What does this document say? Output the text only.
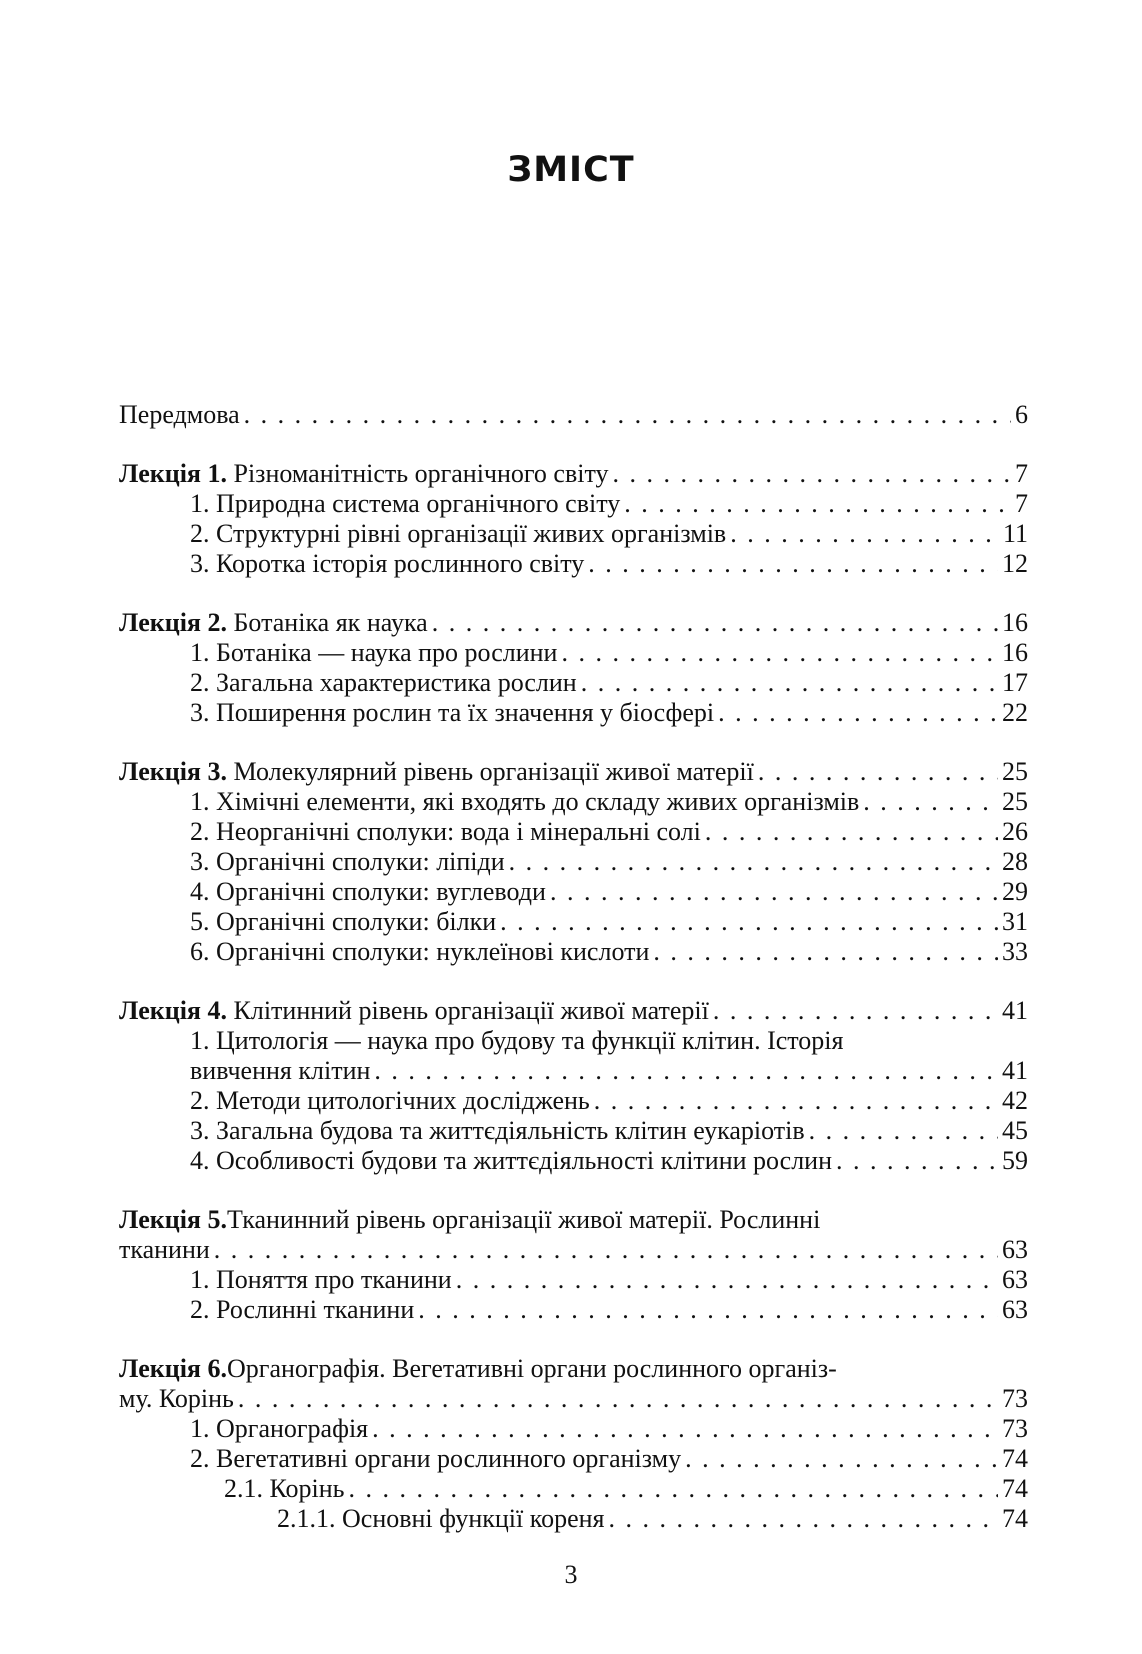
ЗМІСТ
Передмова . . .	6
Лекція 1. Різноманітність органічного світу . . .	7
1. Природна система органічного світу . . .	7
2. Структурні рівні організації живих організмів . . .	11
3. Коротка історія рослинного світу . . .	12
Лекція 2. Ботаніка як наука . . .	16
1. Ботаніка — наука про рослини . . .	16
2. Загальна характеристика рослин . . .	17
3. Поширення рослин та їх значення у біосфері . . .	22
Лекція 3. Молекулярний рівень організації живої матерії . . .	25
1. Хімічні елементи, які входять до складу живих організмів . . .	25
2. Неорганічні сполуки: вода і мінеральні солі . . .	26
3. Органічні сполуки: ліпіди . . .	28
4. Органічні сполуки: вуглеводи . . .	29
5. Органічні сполуки: білки . . .	31
6. Органічні сполуки: нуклеїнові кислоти . . .	33
Лекція 4. Клітинний рівень організації живої матерії . . .	41
1. Цитологія — наука про будову та функції клітин. Історія
вивчення клітин . . .	41
2. Методи цитологічних досліджень . . .	42
3. Загальна будова та життєдіяльність клітин еукаріотів . . .	45
4. Особливості будови та життєдіяльності клітини рослин . . .	59
Лекція 5. Тканинний рівень організації живої матерії. Рослинні
тканини . . .	63
1. Поняття про тканини . . .	63
2. Рослинні тканини . . .	63
Лекція 6. Органографія. Вегетативні органи рослинного організ-
му. Корінь . . .	73
1. Органографія . . .	73
2. Вегетативні органи рослинного організму . . .	74
2.1. Корінь . . .	74
2.1.1. Основні функції кореня . . .	74
3
